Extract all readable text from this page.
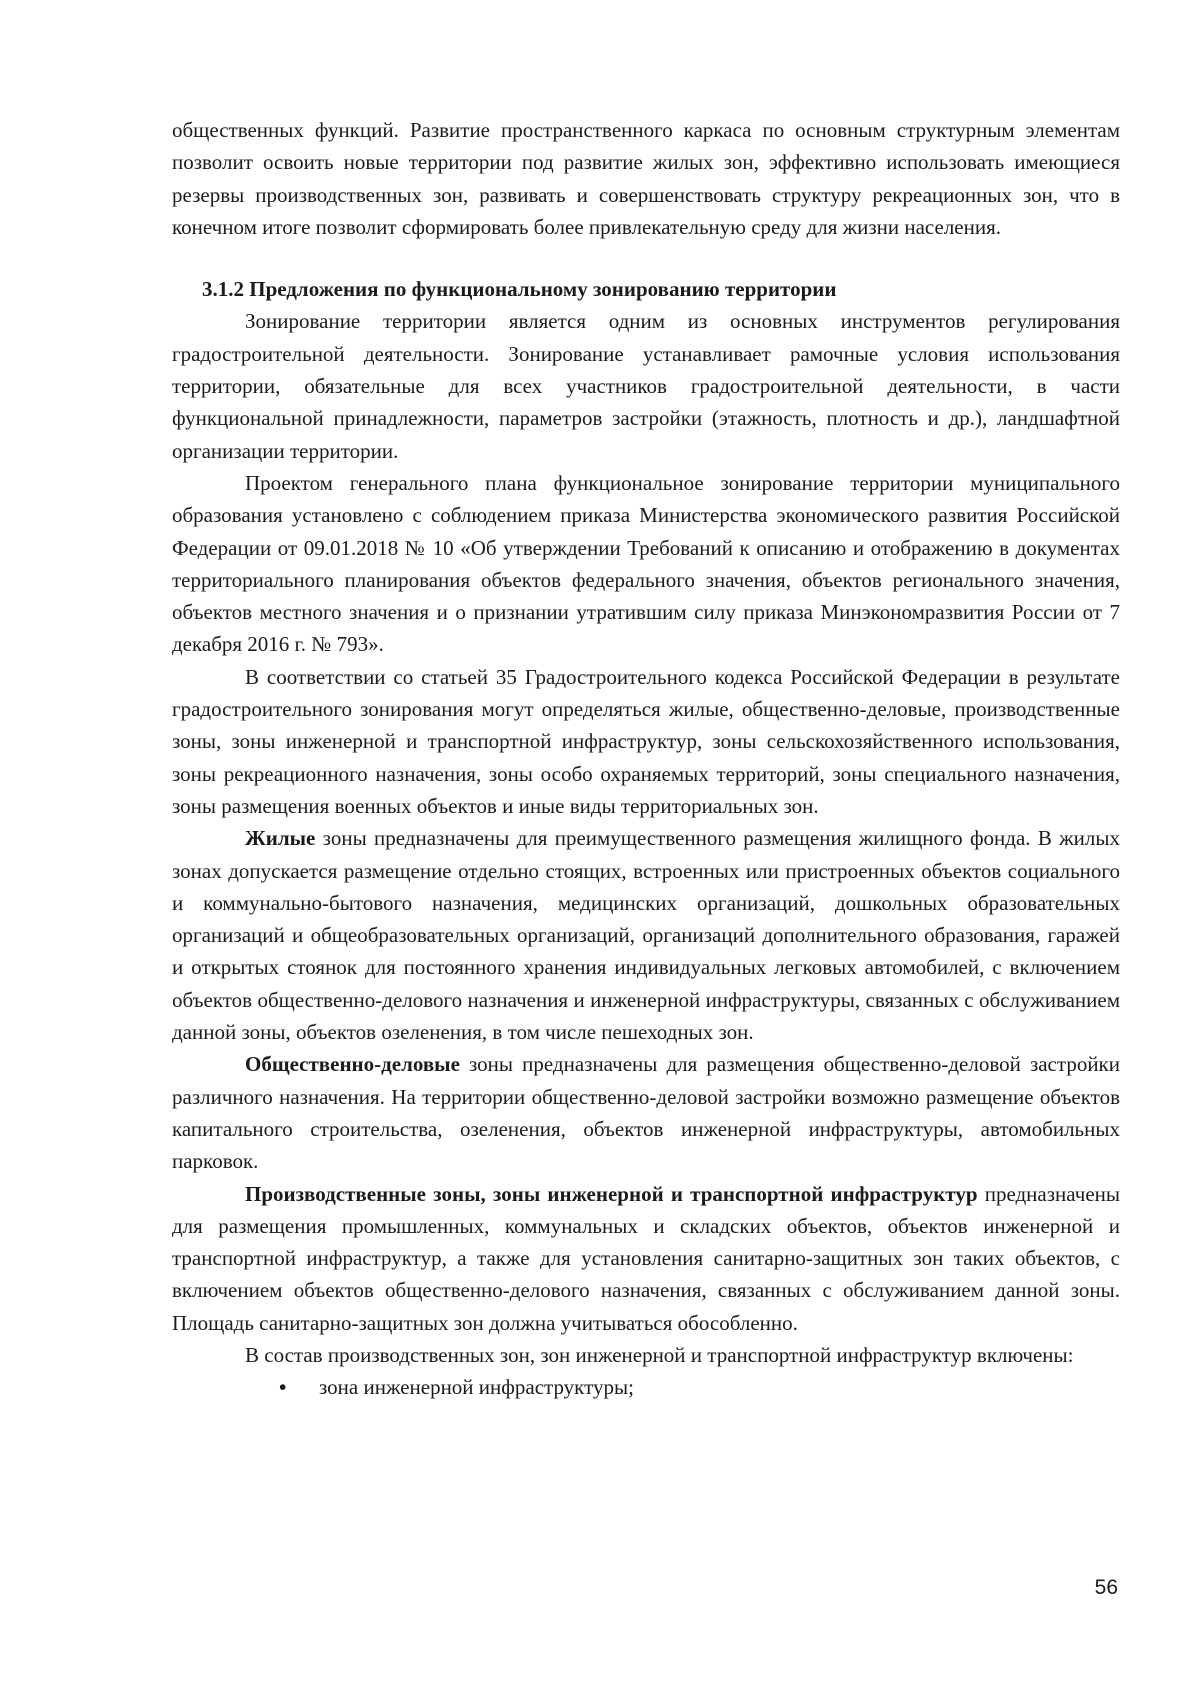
общественных функций. Развитие пространственного каркаса по основным структурным элементам позволит освоить новые территории под развитие жилых зон, эффективно использовать имеющиеся резервы производственных зон, развивать и совершенствовать структуру рекреационных зон, что в конечном итоге позволит сформировать более привлекательную среду для жизни населения.

3.1.2 Предложения по функциональному зонированию территории

Зонирование территории является одним из основных инструментов регулирования градостроительной деятельности. Зонирование устанавливает рамочные условия использования территории, обязательные для всех участников градостроительной деятельности, в части функциональной принадлежности, параметров застройки (этажность, плотность и др.), ландшафтной организации территории.

Проектом генерального плана функциональное зонирование территории муниципального образования установлено с соблюдением приказа Министерства экономического развития Российской Федерации от 09.01.2018 № 10 «Об утверждении Требований к описанию и отображению в документах территориального планирования объектов федерального значения, объектов регионального значения, объектов местного значения и о признании утратившим силу приказа Минэкономразвития России от 7 декабря 2016 г. № 793».

В соответствии со статьей 35 Градостроительного кодекса Российской Федерации в результате градостроительного зонирования могут определяться жилые, общественно-деловые, производственные зоны, зоны инженерной и транспортной инфраструктур, зоны сельскохозяйственного использования, зоны рекреационного назначения, зоны особо охраняемых территорий, зоны специального назначения, зоны размещения военных объектов и иные виды территориальных зон.

Жилые зоны предназначены для преимущественного размещения жилищного фонда. В жилых зонах допускается размещение отдельно стоящих, встроенных или пристроенных объектов социального и коммунально-бытового назначения, медицинских организаций, дошкольных образовательных организаций и общеобразовательных организаций, организаций дополнительного образования, гаражей и открытых стоянок для постоянного хранения индивидуальных легковых автомобилей, с включением объектов общественно-делового назначения и инженерной инфраструктуры, связанных с обслуживанием данной зоны, объектов озеленения, в том числе пешеходных зон.

Общественно-деловые зоны предназначены для размещения общественно-деловой застройки различного назначения. На территории общественно-деловой застройки возможно размещение объектов капитального строительства, озеленения, объектов инженерной инфраструктуры, автомобильных парковок.

Производственные зоны, зоны инженерной и транспортной инфраструктур предназначены для размещения промышленных, коммунальных и складских объектов, объектов инженерной и транспортной инфраструктур, а также для установления санитарно-защитных зон таких объектов, с включением объектов общественно-делового назначения, связанных с обслуживанием данной зоны. Площадь санитарно-защитных зон должна учитываться обособленно.

В состав производственных зон, зон инженерной и транспортной инфраструктур включены:

• зона инженерной инфраструктуры;
56
